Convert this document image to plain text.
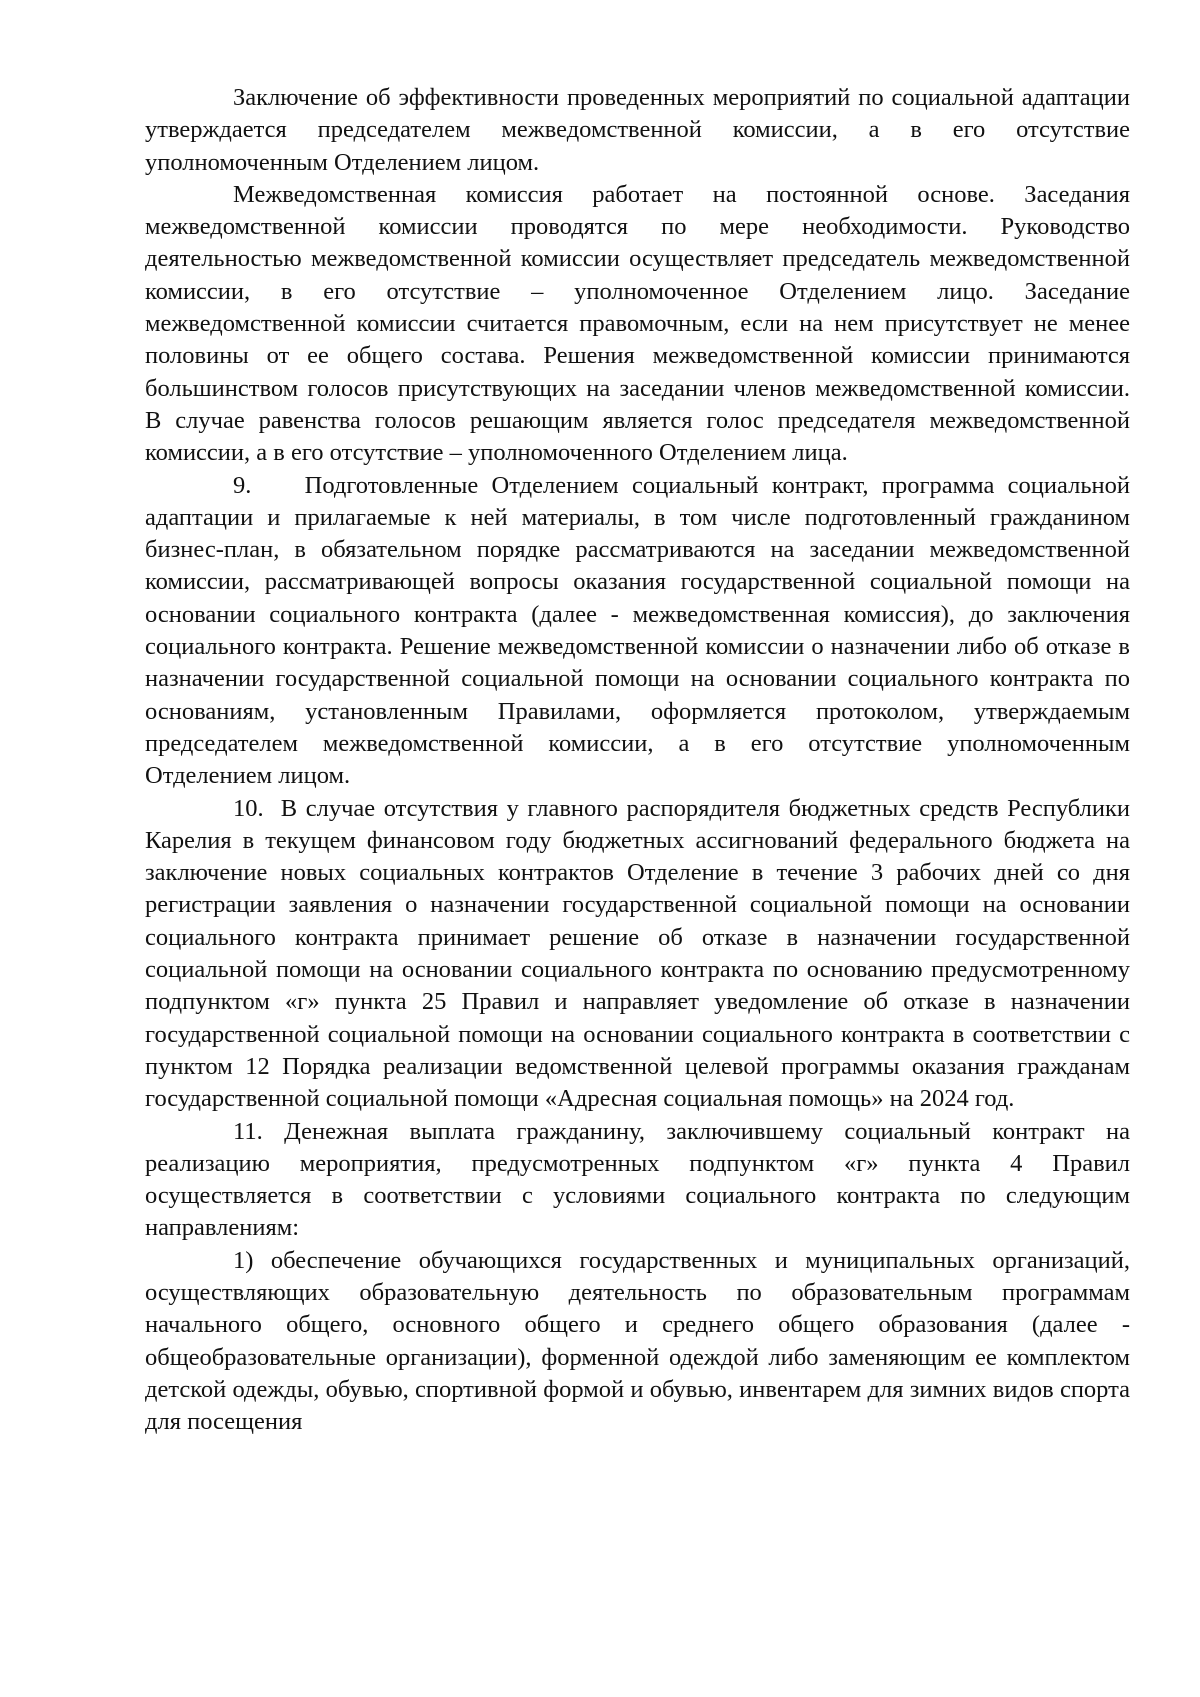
Заключение об эффективности проведенных мероприятий по социальной адаптации утверждается председателем межведомственной комиссии, а в его отсутствие уполномоченным Отделением лицом.

Межведомственная комиссия работает на постоянной основе. Заседания межведомственной комиссии проводятся по мере необходимости. Руководство деятельностью межведомственной комиссии осуществляет председатель межведомственной комиссии, в его отсутствие – уполномоченное Отделением лицо. Заседание межведомственной комиссии считается правомочным, если на нем присутствует не менее половины от ее общего состава. Решения межведомственной комиссии принимаются большинством голосов присутствующих на заседании членов межведомственной комиссии. В случае равенства голосов решающим является голос председателя межведомственной комиссии, а в его отсутствие – уполномоченного Отделением лица.

9.    Подготовленные Отделением социальный контракт, программа социальной адаптации и прилагаемые к ней материалы, в том числе подготовленный гражданином бизнес-план, в обязательном порядке рассматриваются на заседании межведомственной комиссии, рассматривающей вопросы оказания государственной социальной помощи на основании социального контракта (далее - межведомственная комиссия), до заключения социального контракта. Решение межведомственной комиссии о назначении либо об отказе в назначении государственной социальной помощи на основании социального контракта по основаниям, установленным Правилами, оформляется протоколом, утверждаемым председателем межведомственной комиссии, а в его отсутствие уполномоченным Отделением лицом.

10.  В случае отсутствия у главного распорядителя бюджетных средств Республики Карелия в текущем финансовом году бюджетных ассигнований федерального бюджета на заключение новых социальных контрактов Отделение в течение 3 рабочих дней со дня регистрации заявления о назначении государственной социальной помощи на основании социального контракта принимает решение об отказе в назначении государственной социальной помощи на основании социального контракта по основанию предусмотренному подпунктом «г» пункта 25 Правил и направляет уведомление об отказе в назначении государственной социальной помощи на основании социального контракта в соответствии с пунктом 12 Порядка реализации ведомственной целевой программы оказания гражданам государственной социальной помощи «Адресная социальная помощь» на 2024 год.

11. Денежная выплата гражданину, заключившему социальный контракт на реализацию мероприятия, предусмотренных подпунктом «г» пункта 4 Правил осуществляется в соответствии с условиями социального контракта по следующим направлениям:

1) обеспечение обучающихся государственных и муниципальных организаций, осуществляющих образовательную деятельность по образовательным программам начального общего, основного общего и среднего общего образования (далее - общеобразовательные организации), форменной одеждой либо заменяющим ее комплектом детской одежды, обувью, спортивной формой и обувью, инвентарем для зимних видов спорта для посещения
